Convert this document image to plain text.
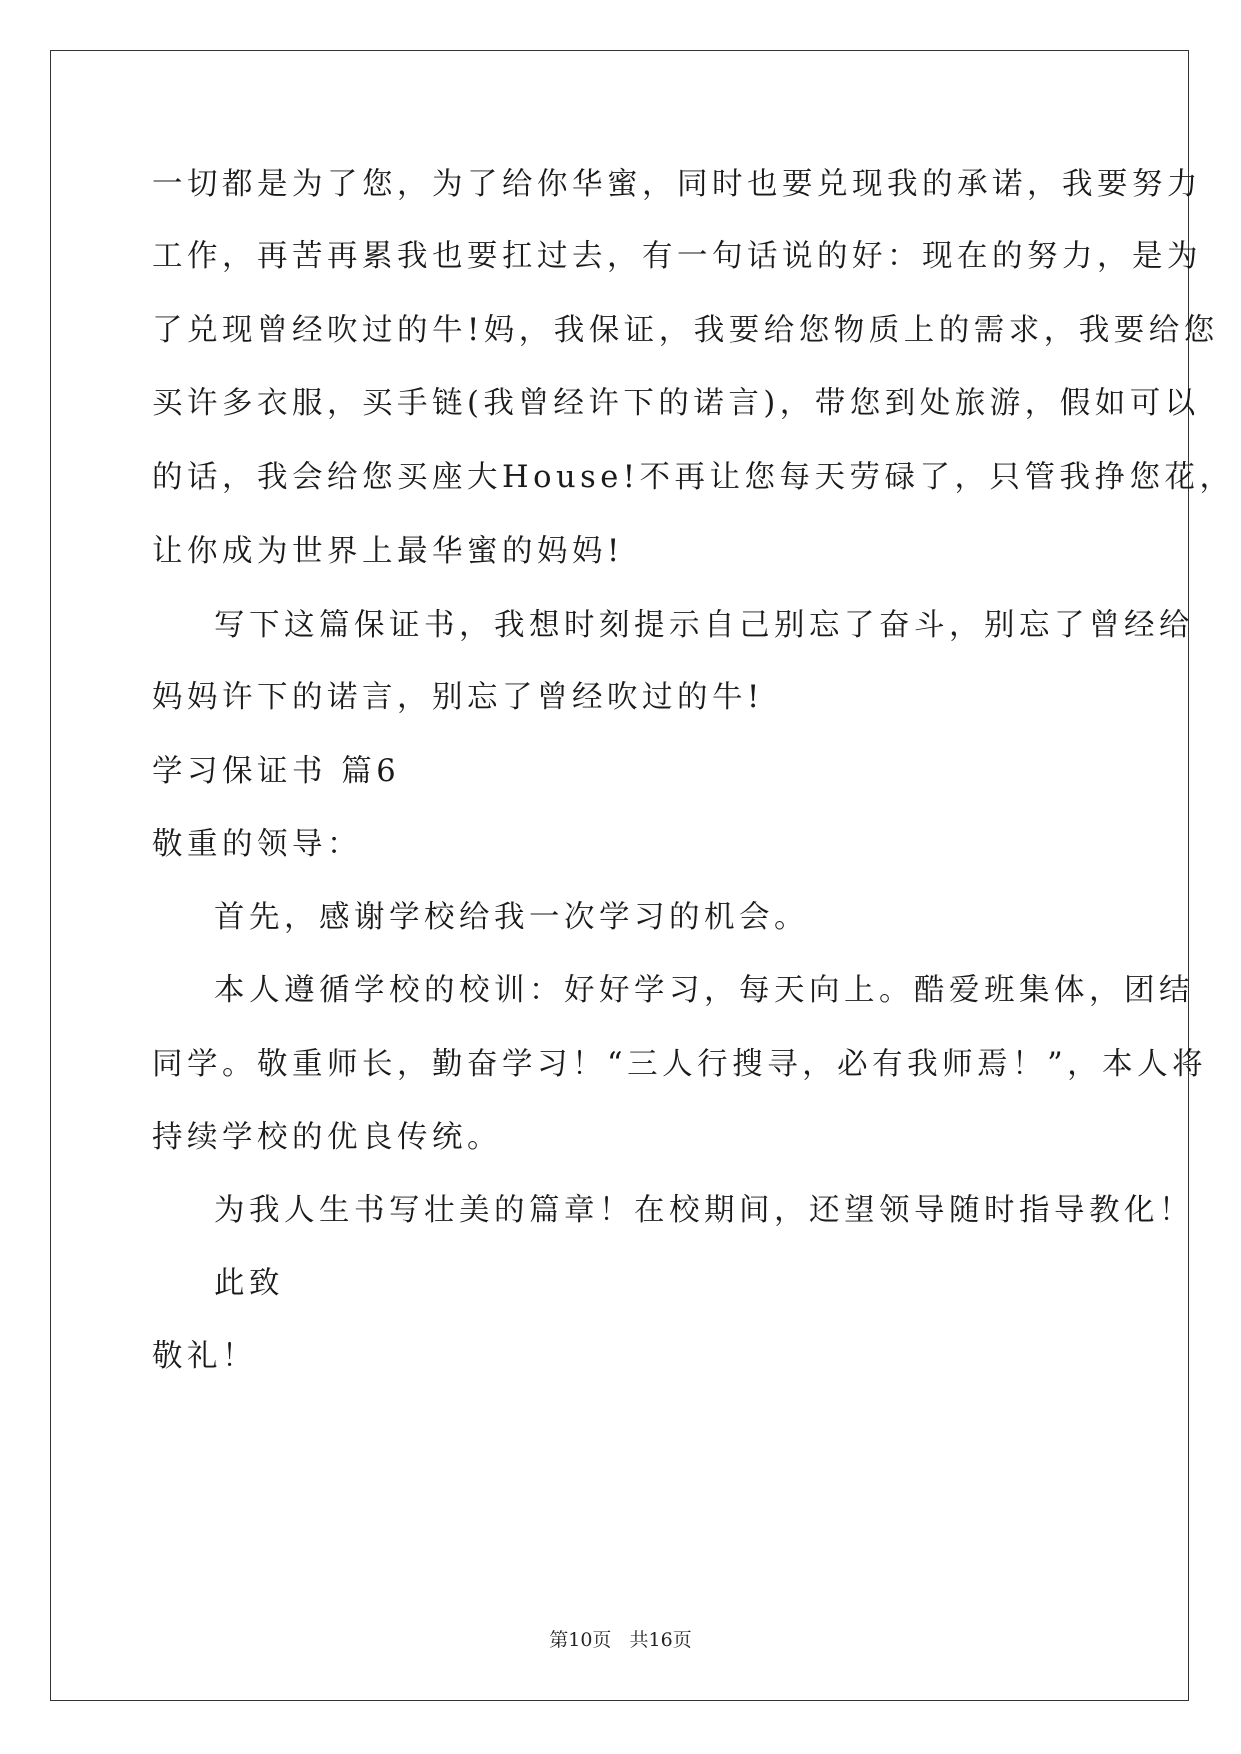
一切都是为了您，为了给你华蜜，同时也要兑现我的承诺，我要努力
工作，再苦再累我也要扛过去，有一句话说的好：现在的努力，是为
了兑现曾经吹过的牛!妈，我保证，我要给您物质上的需求，我要给您
买许多衣服，买手链(我曾经许下的诺言)，带您到处旅游，假如可以
的话，我会给您买座大House!不再让您每天劳碌了，只管我挣您花，
让你成为世界上最华蜜的妈妈!
写下这篇保证书，我想时刻提示自己别忘了奋斗，别忘了曾经给
妈妈许下的诺言，别忘了曾经吹过的牛!
学习保证书 篇6
敬重的领导：
首先，感谢学校给我一次学习的机会。
本人遵循学校的校训：好好学习，每天向上。酷爱班集体，团结
同学。敬重师长，勤奋学习！“三人行搜寻，必有我师焉！”，本人将
持续学校的优良传统。
为我人生书写壮美的篇章！在校期间，还望领导随时指导教化！
此致
敬礼！
第10页   共16页
